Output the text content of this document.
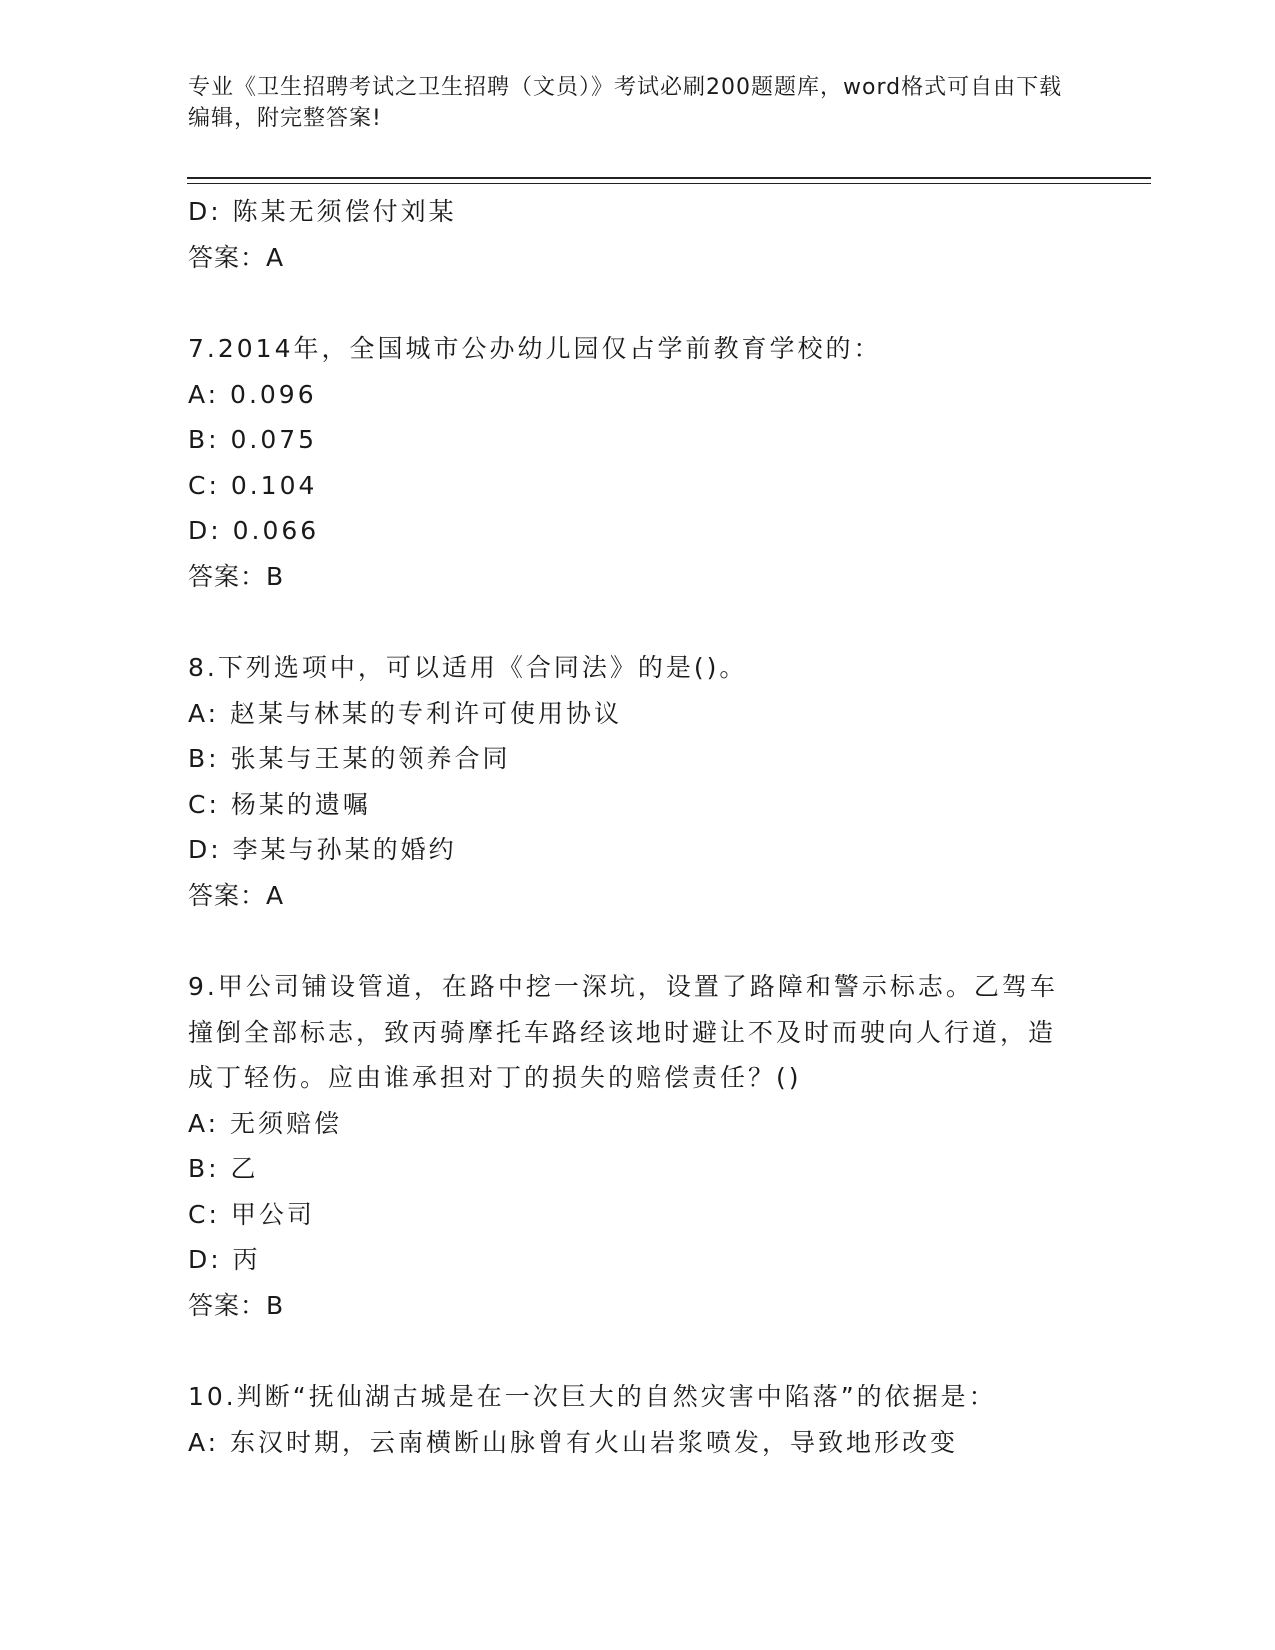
专业《卫生招聘考试之卫生招聘（文员）》考试必刷200题题库，word格式可自由下载编辑，附完整答案!
D: 陈某无须偿付刘某
答案：A
7.2014年，全国城市公办幼儿园仅占学前教育学校的：
A: 0.096
B: 0.075
C: 0.104
D: 0.066
答案：B
8.下列选项中，可以适用《合同法》的是()。
A: 赵某与林某的专利许可使用协议
B: 张某与王某的领养合同
C: 杨某的遗嘱
D: 李某与孙某的婚约
答案：A
9.甲公司铺设管道，在路中挖一深坑，设置了路障和警示标志。乙驾车撞倒全部标志，致丙骑摩托车路经该地时避让不及时而驶向人行道，造成丁轻伤。应由谁承担对丁的损失的赔偿责任？()
A: 无须赔偿
B: 乙
C: 甲公司
D: 丙
答案：B
10.判断“抚仙湖古城是在一次巨大的自然灾害中陷落”的依据是：
A: 东汉时期，云南横断山脉曾有火山岩浆喷发，导致地形改变
